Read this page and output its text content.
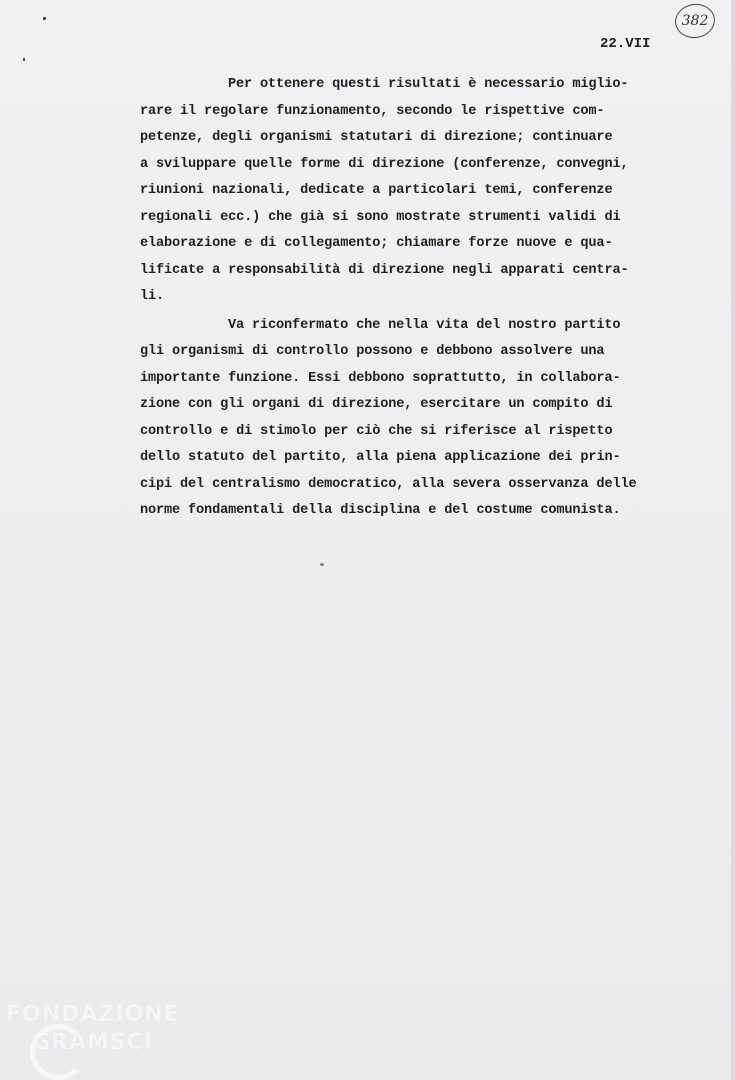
382
22.VII
Per ottenere questi risultati è necessario miglio-
rare il regolare funzionamento, secondo le rispettive com-
petenze, degli organismi statutari di direzione; continuare
a sviluppare quelle forme di direzione (conferenze, convegni,
riunioni nazionali, dedicate a particolari temi, conferenze
regionali ecc.) che già si sono mostrate strumenti validi di
elaborazione e di collegamento; chiamare forze nuove e qua-
lificate a responsabilità di direzione negli apparati centra-
li.
Va riconfermato che nella vita del nostro partito
gli organismi di controllo possono e debbono assolvere una
importante funzione. Essi debbono soprattutto, in collabora-
zione con gli organi di direzione, esercitare un compito di
controllo e di stimolo per ciò che si riferisce al rispetto
dello statuto del partito, alla piena applicazione dei prin-
cipi del centralismo democratico, alla severa osservanza delle
norme fondamentali della disciplina e del costume comunista.
FONDAZIONE
GRAMSCI
